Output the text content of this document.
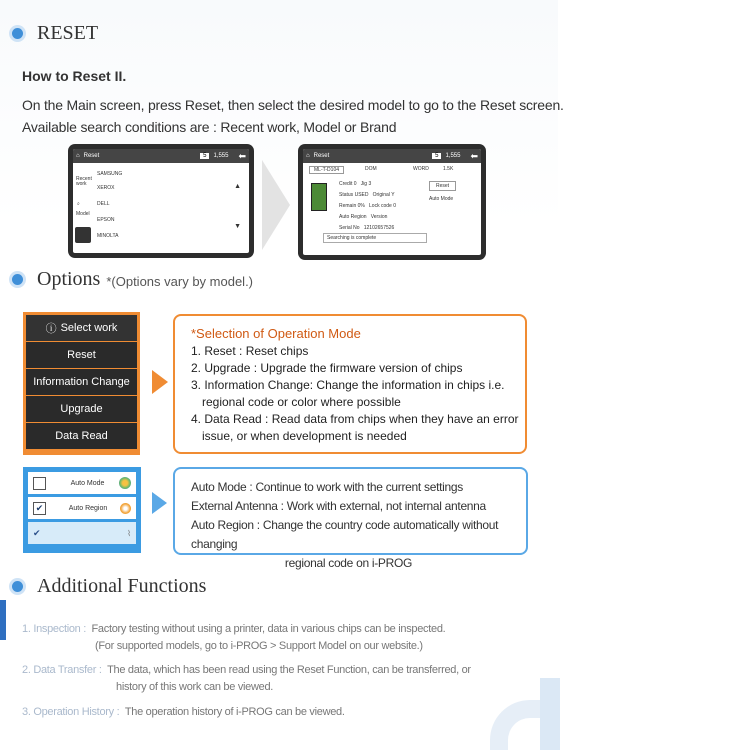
RESET
How to Reset II.
On the Main screen, press Reset, then select the desired model to go to the Reset screen.
Available search conditions are : Recent work, Model or Brand
⌂ Reset	5	1,555 ⬅
Recent work
⌕
Model
SAMSUNG
XEROX
DELL
EPSON
MINOLTA
▲
▼
⌂ Reset	5	1,555 ⬅
ML-T-D104	DOM	WORD	1.5K
Credit 0 Jig 3
Status USED Original Y
Remain 0% Lock code 0
Auto Region Version
Serial No 12102657526
Reset
Auto Mode
Searching is complete
Options *(Options vary by model.)
ⓘ Select work
Reset
Information Change
Upgrade
Data Read
*Selection of Operation Mode
1. Reset : Reset chips
2. Upgrade : Upgrade the firmware version of chips
3. Information Change: Change the information in chips i.e.
regional code or color where possible
4. Data Read : Read data from chips when they have an error
issue, or when development is needed
Auto Mode
✔	Auto Region
✔	⌇
Auto Mode : Continue to work with the current settings
External Antenna : Work with external, not internal antenna
Auto Region : Change the country code automatically without changing
regional code on i-PROG
Additional Functions
1. Inspection : Factory testing without using a printer, data in various chips can be inspected.
(For supported models, go to i-PROG > Support Model on our website.)
2. Data Transfer : The data, which has been read using the Reset Function, can be transferred, or
history of this work can be viewed.
3. Operation History : The operation history of i-PROG can be viewed.
